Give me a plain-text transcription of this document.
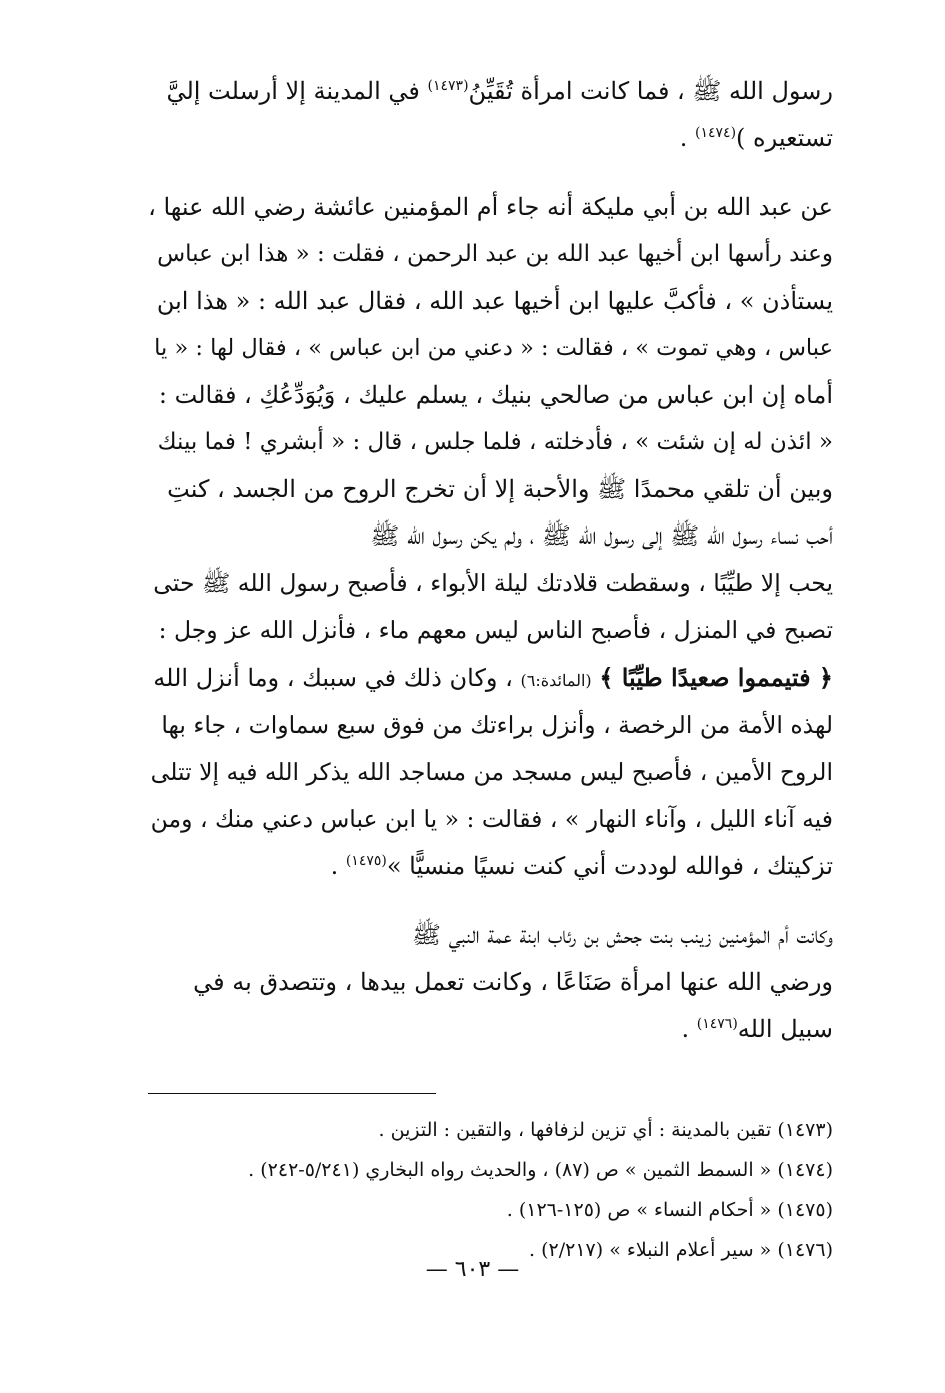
رسول الله ﷺ ، فما كانت امرأة تُقَيِّنُ$^{(١٤٧٣)}$ في المدينة إلا أرسلت إليَّ
تستعيره )$^{(١٤٧٤)}$ .

عن عبد الله بن أبي مليكة أنه جاء أم المؤمنين عائشة رضي الله عنها ،
وعند رأسها ابن أخيها عبد الله بن عبد الرحمن ، فقلت : « هذا ابن عباس
يستأذن » ، فأكبَّ عليها ابن أخيها عبد الله ، فقال عبد الله : « هذا ابن
عباس ، وهي تموت » ، فقالت : « دعني من ابن عباس » ، فقال لها : « يا
أماه إن ابن عباس من صالحي بنيك ، يسلم عليك ، وَيُوَدِّعُكِ ، فقالت :
« ائذن له إن شئت » ، فأدخلته ، فلما جلس ، قال : « أبشري ! فما بينك
وبين أن تلقي محمدًا ﷺ والأحبة إلا أن تخرج الروح من الجسد ، كنتِ
أحب نساء رسول الله ﷺ إلى رسول الله ﷺ ، ولم يكن رسول الله ﷺ
يحب إلا طيِّبًا ، وسقطت قلادتك ليلة الأبواء ، فأصبح رسول الله ﷺ حتى
تصبح في المنزل ، فأصبح الناس ليس معهم ماء ، فأنزل الله عز وجل :
﴿ فتيمموا صعيدًا طيِّبًا ﴾ (المائدة:٦) ، وكان ذلك في سببك ، وما أنزل الله
لهذه الأمة من الرخصة ، وأنزل براءتك من فوق سبع سماوات ، جاء بها
الروح الأمين ، فأصبح ليس مسجد من مساجد الله يذكر الله فيه إلا تتلى
فيه آناء الليل ، وآناء النهار » ، فقالت : « يا ابن عباس دعني منك ، ومن
تزكيتك ، فوالله لوددت أني كنت نسيًا منسيًّا »$^{(١٤٧٥)}$ .

وكانت أم المؤمنين زينب بنت جحش بن رئاب ابنة عمة النبي ﷺ
ورضي الله عنها امرأة صَنَاعًا ، وكانت تعمل بيدها ، وتتصدق به في
سبيل الله$^{(١٤٧٦)}$ .

(١٤٧٣) تقين بالمدينة : أي تزين لزفافها ، والتقين : التزين .
(١٤٧٤) « السمط الثمين » ص (٨٧) ، والحديث رواه البخاري (٥/٢٤١-٢٤٢) .
(١٤٧٥) « أحكام النساء » ص (١٢٥-١٢٦) .
(١٤٧٦) « سير أعلام النبلاء » (٢/٢١٧) .
— ٦٠٣ —
